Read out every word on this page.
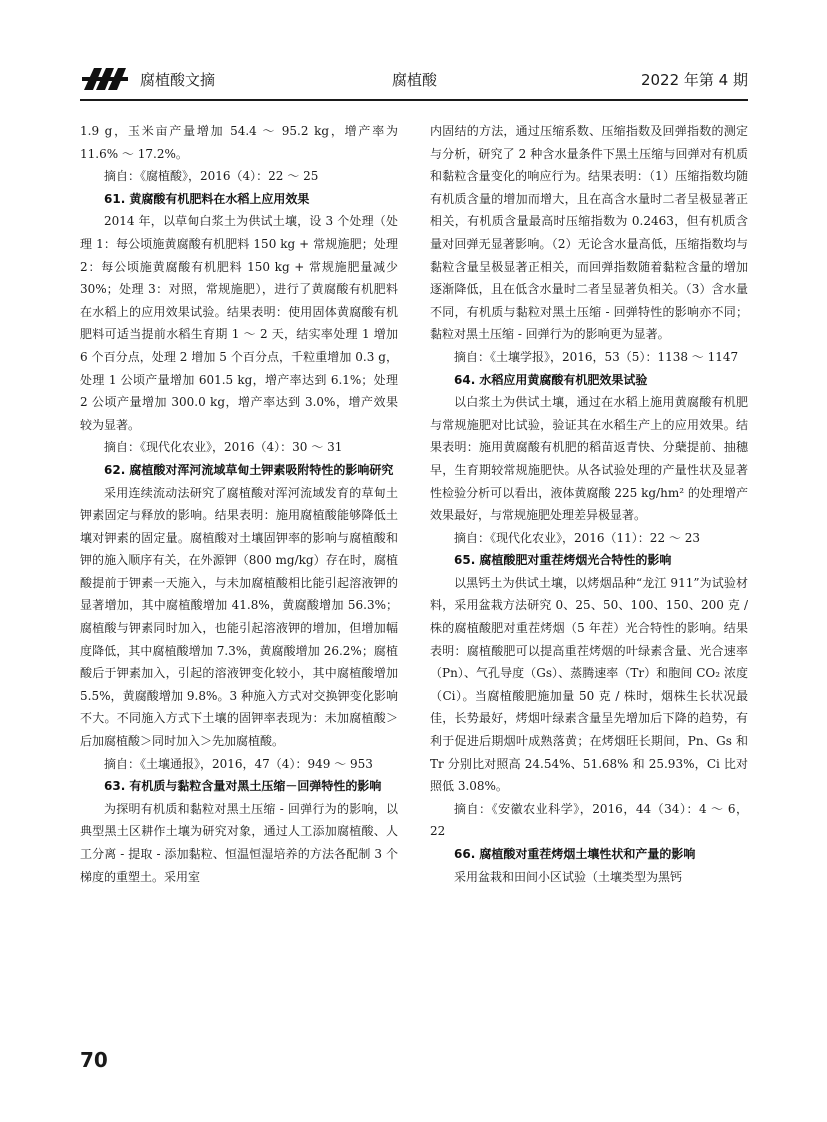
腐植酸文摘	腐植酸	2022 年第 4 期

1.9 g，玉米亩产量增加 54.4 ～ 95.2 kg，增产率为 11.6% ～ 17.2%。

摘自：《腐植酸》，2016（4）：22 ～ 25

61. 黄腐酸有机肥料在水稻上应用效果

2014 年，以草甸白浆土为供试土壤，设 3 个处理（处理 1：每公顷施黄腐酸有机肥料 150 kg + 常规施肥；处理 2：每公顷施黄腐酸有机肥料 150 kg + 常规施肥量减少 30%；处理 3：对照，常规施肥），进行了黄腐酸有机肥料在水稻上的应用效果试验。结果表明：使用固体黄腐酸有机肥料可适当提前水稻生育期 1 ～ 2 天，结实率处理 1 增加 6 个百分点，处理 2 增加 5 个百分点，千粒重增加 0.3 g，处理 1 公顷产量增加 601.5 kg，增产率达到 6.1%；处理 2 公顷产量增加 300.0 kg，增产率达到 3.0%，增产效果较为显著。

摘自：《现代化农业》，2016（4）：30 ～ 31

62. 腐植酸对浑河流域草甸土钾素吸附特性的影响研究

采用连续流动法研究了腐植酸对浑河流域发育的草甸土钾素固定与释放的影响。结果表明：施用腐植酸能够降低土壤对钾素的固定量。腐植酸对土壤固钾率的影响与腐植酸和钾的施入顺序有关，在外源钾（800 mg/kg）存在时，腐植酸提前于钾素一天施入，与未加腐植酸相比能引起溶液钾的显著增加，其中腐植酸增加 41.8%，黄腐酸增加 56.3%；腐植酸与钾素同时加入，也能引起溶液钾的增加，但增加幅度降低，其中腐植酸增加 7.3%，黄腐酸增加 26.2%；腐植酸后于钾素加入，引起的溶液钾变化较小，其中腐植酸增加 5.5%，黄腐酸增加 9.8%。3 种施入方式对交换钾变化影响不大。不同施入方式下土壤的固钾率表现为：未加腐植酸＞后加腐植酸＞同时加入＞先加腐植酸。

摘自：《土壤通报》，2016，47（4）：949 ～ 953

63. 有机质与黏粒含量对黑土压缩－回弹特性的影响

为探明有机质和黏粒对黑土压缩 - 回弹行为的影响，以典型黑土区耕作土壤为研究对象，通过人工添加腐植酸、人工分离 - 提取 - 添加黏粒、恒温恒湿培养的方法各配制 3 个梯度的重塑土。采用室

内固结的方法，通过压缩系数、压缩指数及回弹指数的测定与分析，研究了 2 种含水量条件下黑土压缩与回弹对有机质和黏粒含量变化的响应行为。结果表明：（1）压缩指数均随有机质含量的增加而增大，且在高含水量时二者呈极显著正相关，有机质含量最高时压缩指数为 0.2463，但有机质含量对回弹无显著影响。（2）无论含水量高低，压缩指数均与黏粒含量呈极显著正相关，而回弹指数随着黏粒含量的增加逐渐降低，且在低含水量时二者呈显著负相关。（3）含水量不同，有机质与黏粒对黑土压缩 - 回弹特性的影响亦不同；黏粒对黑土压缩 - 回弹行为的影响更为显著。

摘自：《土壤学报》，2016，53（5）：1138 ～ 1147

64. 水稻应用黄腐酸有机肥效果试验

以白浆土为供试土壤，通过在水稻上施用黄腐酸有机肥与常规施肥对比试验，验证其在水稻生产上的应用效果。结果表明：施用黄腐酸有机肥的稻苗返青快、分蘖提前、抽穗早，生育期较常规施肥快。从各试验处理的产量性状及显著性检验分析可以看出，液体黄腐酸 225 kg/hm² 的处理增产效果最好，与常规施肥处理差异极显著。

摘自：《现代化农业》，2016（11）：22 ～ 23

65. 腐植酸肥对重茬烤烟光合特性的影响

以黑钙土为供试土壤，以烤烟品种“龙江 911”为试验材料，采用盆栽方法研究 0、25、50、100、150、200 克 / 株的腐植酸肥对重茬烤烟（5 年茬）光合特性的影响。结果表明：腐植酸肥可以提高重茬烤烟的叶绿素含量、光合速率（Pn）、气孔导度（Gs）、蒸腾速率（Tr）和胞间 CO₂ 浓度（Ci）。当腐植酸肥施加量 50 克 / 株时，烟株生长状况最佳，长势最好，烤烟叶绿素含量呈先增加后下降的趋势，有利于促进后期烟叶成熟落黄；在烤烟旺长期间，Pn、Gs 和 Tr 分别比对照高 24.54%、51.68% 和 25.93%，Ci 比对照低 3.08%。

摘自：《安徽农业科学》，2016，44（34）：4 ～ 6，22

66. 腐植酸对重茬烤烟土壤性状和产量的影响

采用盆栽和田间小区试验（土壤类型为黑钙

70
